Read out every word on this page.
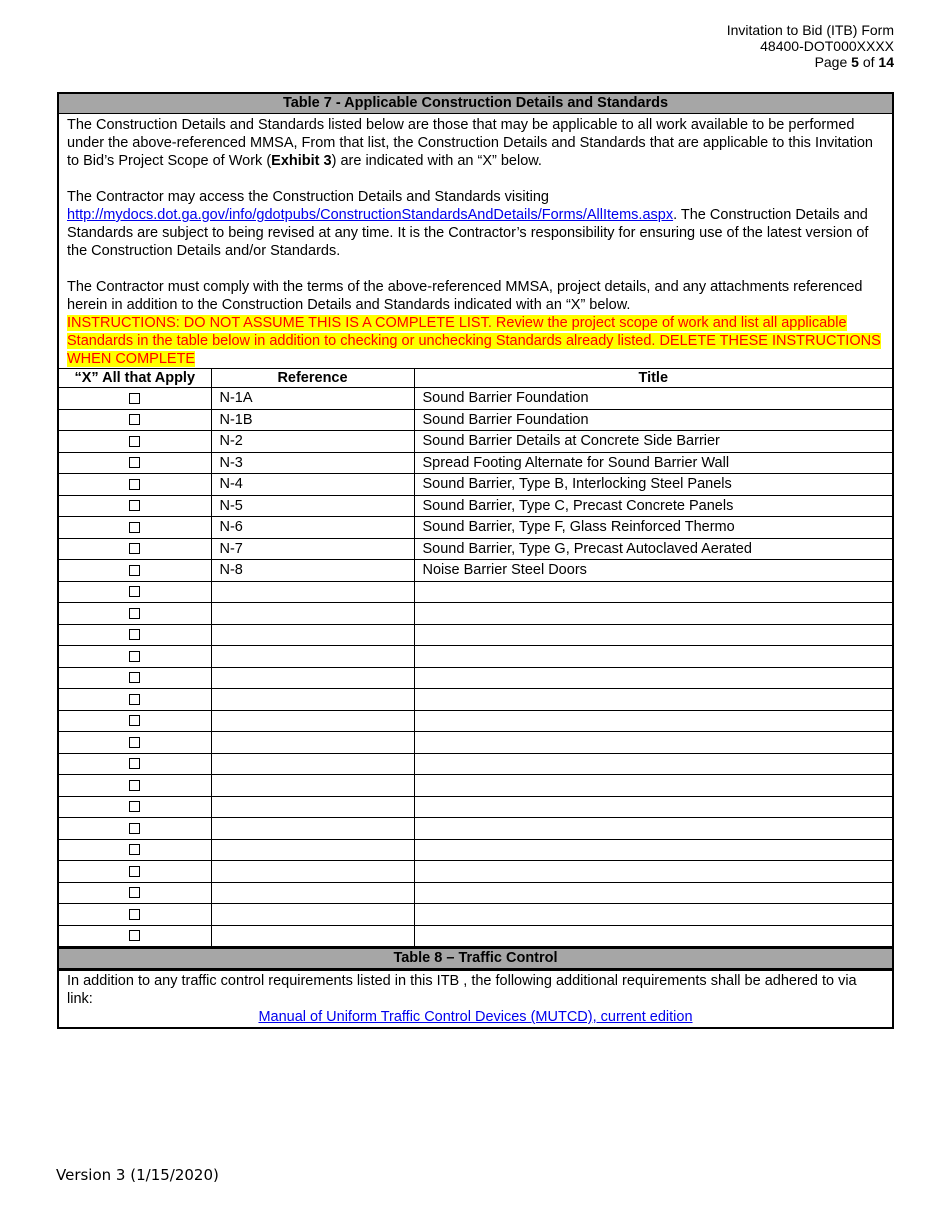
Invitation to Bid (ITB) Form
48400-DOT000XXXX
Page 5 of 14
Table 7 - Applicable Construction Details and Standards

The Construction Details and Standards listed below are those that may be applicable to all work available to be performed under the above-referenced MMSA, From that list, the Construction Details and Standards that are applicable to this Invitation to Bid’s Project Scope of Work (Exhibit 3) are indicated with an “X” below.

The Contractor may access the Construction Details and Standards visiting
http://mydocs.dot.ga.gov/info/gdotpubs/ConstructionStandardsAndDetails/Forms/AllItems.aspx. The Construction Details and Standards are subject to being revised at any time. It is the Contractor’s responsibility for ensuring use of the latest version of the Construction Details and/or Standards.

The Contractor must comply with the terms of the above-referenced MMSA, project details, and any attachments referenced herein in addition to the Construction Details and Standards indicated with an “X” below.

INSTRUCTIONS: DO NOT ASSUME THIS IS A COMPLETE LIST. Review the project scope of work and list all applicable Standards in the table below in addition to checking or unchecking Standards already listed. DELETE THESE INSTRUCTIONS WHEN COMPLETE

“X” All that Apply	Reference	Title
	N-1A	Sound Barrier Foundation
	N-1B	Sound Barrier Foundation
	N-2	Sound Barrier Details at Concrete Side Barrier
	N-3	Spread Footing Alternate for Sound Barrier Wall
	N-4	Sound Barrier, Type B, Interlocking Steel Panels
	N-5	Sound Barrier, Type C, Precast Concrete Panels
	N-6	Sound Barrier, Type F, Glass Reinforced Thermo
	N-7	Sound Barrier, Type G, Precast Autoclaved Aerated
	N-8	Noise Barrier Steel Doors

Table 8 – Traffic Control
In addition to any traffic control requirements listed in this ITB , the following additional requirements shall be adhered to via link:
Manual of Uniform Traffic Control Devices (MUTCD), current edition
Version 3 (1/15/2020)
